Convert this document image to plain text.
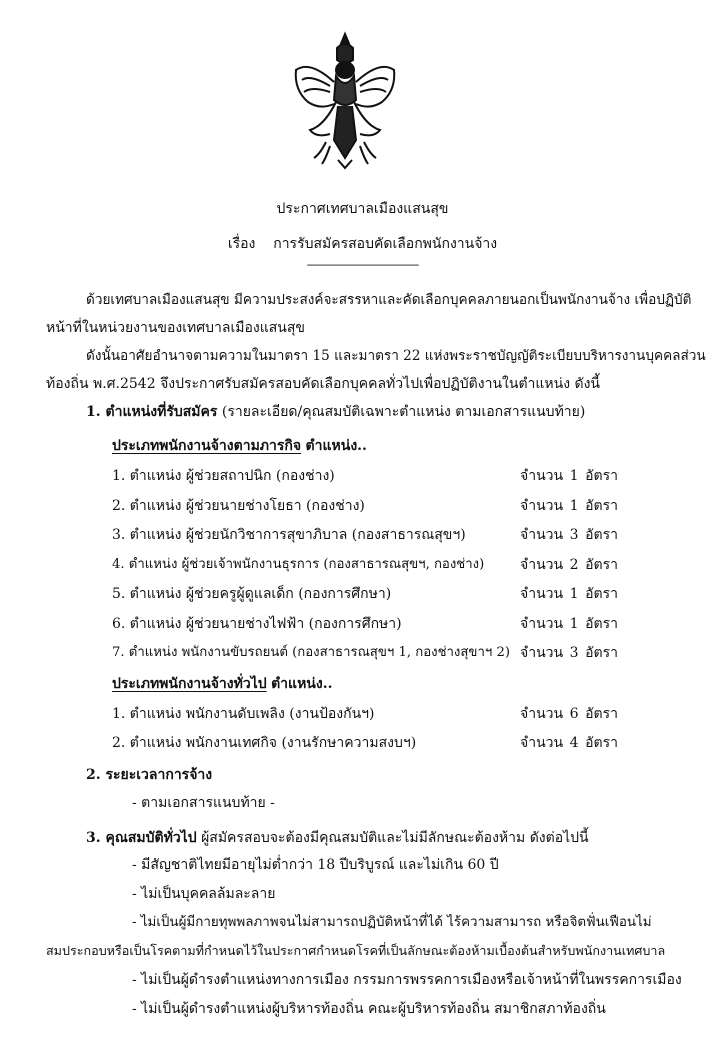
ประกาศเทศบาลเมืองแสนสุข
เรื่อง การรับสมัครสอบคัดเลือกพนักงานจ้าง
-----------------------------------------
ด้วยเทศบาลเมืองแสนสุข มีความประสงค์จะสรรหาและคัดเลือกบุคคลภายนอกเป็นพนักงานจ้าง เพื่อปฏิบัติ
หน้าที่ในหน่วยงานของเทศบาลเมืองแสนสุข
ดังนั้นอาศัยอำนาจตามความในมาตรา 15 และมาตรา 22 แห่งพระราชบัญญัติระเบียบบริหารงานบุคคลส่วน
ท้องถิ่น พ.ศ.2542 จึงประกาศรับสมัครสอบคัดเลือกบุคคลทั่วไปเพื่อปฏิบัติงานในตำแหน่ง ดังนี้
1. ตำแหน่งที่รับสมัคร (รายละเอียด/คุณสมบัติเฉพาะตำแหน่ง ตามเอกสารแนบท้าย)
ประเภทพนักงานจ้างตามภารกิจ ตำแหน่ง..
1. ตำแหน่ง ผู้ช่วยสถาปนิก (กองช่าง)	จำนวน 1 อัตรา
2. ตำแหน่ง ผู้ช่วยนายช่างโยธา (กองช่าง)	จำนวน 1 อัตรา
3. ตำแหน่ง ผู้ช่วยนักวิชาการสุขาภิบาล (กองสาธารณสุขฯ)	จำนวน 3 อัตรา
4. ตำแหน่ง ผู้ช่วยเจ้าพนักงานธุรการ (กองสาธารณสุขฯ, กองช่าง)	จำนวน 2 อัตรา
5. ตำแหน่ง ผู้ช่วยครูผู้ดูแลเด็ก (กองการศึกษา)	จำนวน 1 อัตรา
6. ตำแหน่ง ผู้ช่วยนายช่างไฟฟ้า (กองการศึกษา)	จำนวน 1 อัตรา
7. ตำแหน่ง พนักงานขับรถยนต์ (กองสาธารณสุขฯ 1, กองช่างสุขาฯ 2) จำนวน 3 อัตรา
ประเภทพนักงานจ้างทั่วไป ตำแหน่ง..
1. ตำแหน่ง พนักงานดับเพลิง (งานป้องกันฯ)	จำนวน 6 อัตรา
2. ตำแหน่ง พนักงานเทศกิจ (งานรักษาความสงบฯ)	จำนวน 4 อัตรา
2. ระยะเวลาการจ้าง
- ตามเอกสารแนบท้าย -
3. คุณสมบัติทั่วไป ผู้สมัครสอบจะต้องมีคุณสมบัติและไม่มีลักษณะต้องห้าม ดังต่อไปนี้
- มีสัญชาติไทยมีอายุไม่ต่ำกว่า 18 ปีบริบูรณ์ และไม่เกิน 60 ปี
- ไม่เป็นบุคคลล้มละลาย
- ไม่เป็นผู้มีกายทุพพลภาพจนไม่สามารถปฏิบัติหน้าที่ได้ ไร้ความสามารถ หรือจิตฟั่นเฟือนไม่
สมประกอบหรือเป็นโรคตามที่กำหนดไว้ในประกาศกำหนดโรคที่เป็นลักษณะต้องห้ามเบื้องต้นสำหรับพนักงานเทศบาล
- ไม่เป็นผู้ดำรงตำแหน่งทางการเมือง กรรมการพรรคการเมืองหรือเจ้าหน้าที่ในพรรคการเมือง
- ไม่เป็นผู้ดำรงตำแหน่งผู้บริหารท้องถิ่น คณะผู้บริหารท้องถิ่น สมาชิกสภาท้องถิ่น
